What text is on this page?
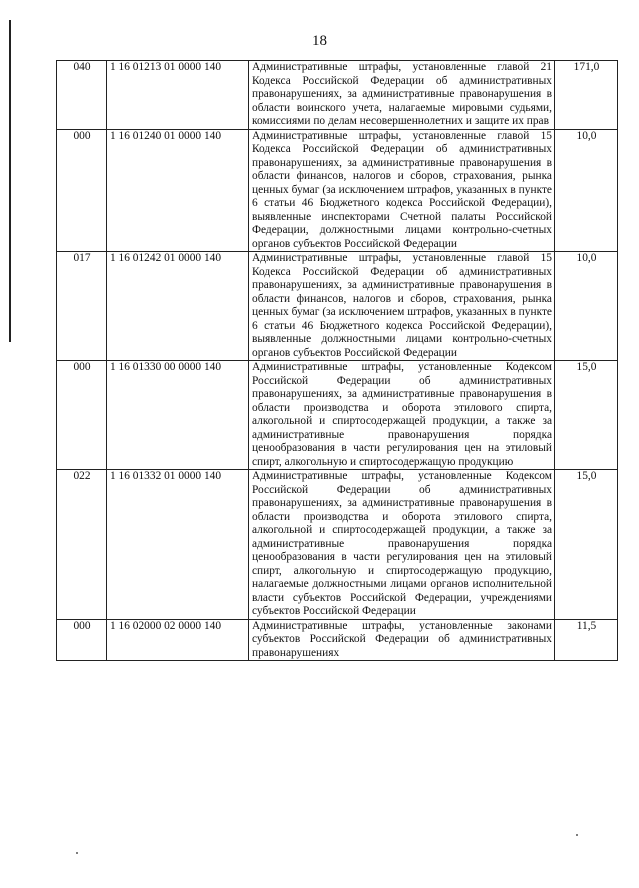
18
040	1 16 01213 01 0000 140	Административные штрафы, установленные главой 21 Кодекса Российской Федерации об административных правонарушениях, за административные правонарушения в области воинского учета, налагаемые мировыми судьями, комиссиями по делам несовершеннолетних и защите их прав	171,0

000	1 16 01240 01 0000 140	Административные штрафы, установленные главой 15 Кодекса Российской Федерации об административных правонарушениях, за административные правонарушения в области финансов, налогов и сборов, страхования, рынка ценных бумаг (за исключением штрафов, указанных в пункте 6 статьи 46 Бюджетного кодекса Российской Федерации), выявленные инспекторами Счетной палаты Российской Федерации, должностными лицами контрольно-счетных органов субъектов Российской Федерации	10,0

017	1 16 01242 01 0000 140	Административные штрафы, установленные главой 15 Кодекса Российской Федерации об административных правонарушениях, за административные правонарушения в области финансов, налогов и сборов, страхования, рынка ценных бумаг (за исключением штрафов, указанных в пункте 6 статьи 46 Бюджетного кодекса Российской Федерации), выявленные должностными лицами контрольно-счетных органов субъектов Российской Федерации	10,0

000	1 16 01330 00 0000 140	Административные штрафы, установленные Кодексом Российской Федерации об административных правонарушениях, за административные правонарушения в области производства и оборота этилового спирта, алкогольной и спиртосодержащей продукции, а также за административные правонарушения порядка ценообразования в части регулирования цен на этиловый спирт, алкогольную и спиртосодержащую продукцию	15,0

022	1 16 01332 01 0000 140	Административные штрафы, установленные Кодексом Российской Федерации об административных правонарушениях, за административные правонарушения в области производства и оборота этилового спирта, алкогольной и спиртосодержащей продукции, а также за административные правонарушения порядка ценообразования в части регулирования цен на этиловый спирт, алкогольную и спиртосодержащую продукцию, налагаемые должностными лицами органов исполнительной власти субъектов Российской Федерации, учреждениями субъектов Российской Федерации	15,0

000	1 16 02000 02 0000 140	Административные штрафы, установленные законами субъектов Российской Федерации об административных правонарушениях	11,5
